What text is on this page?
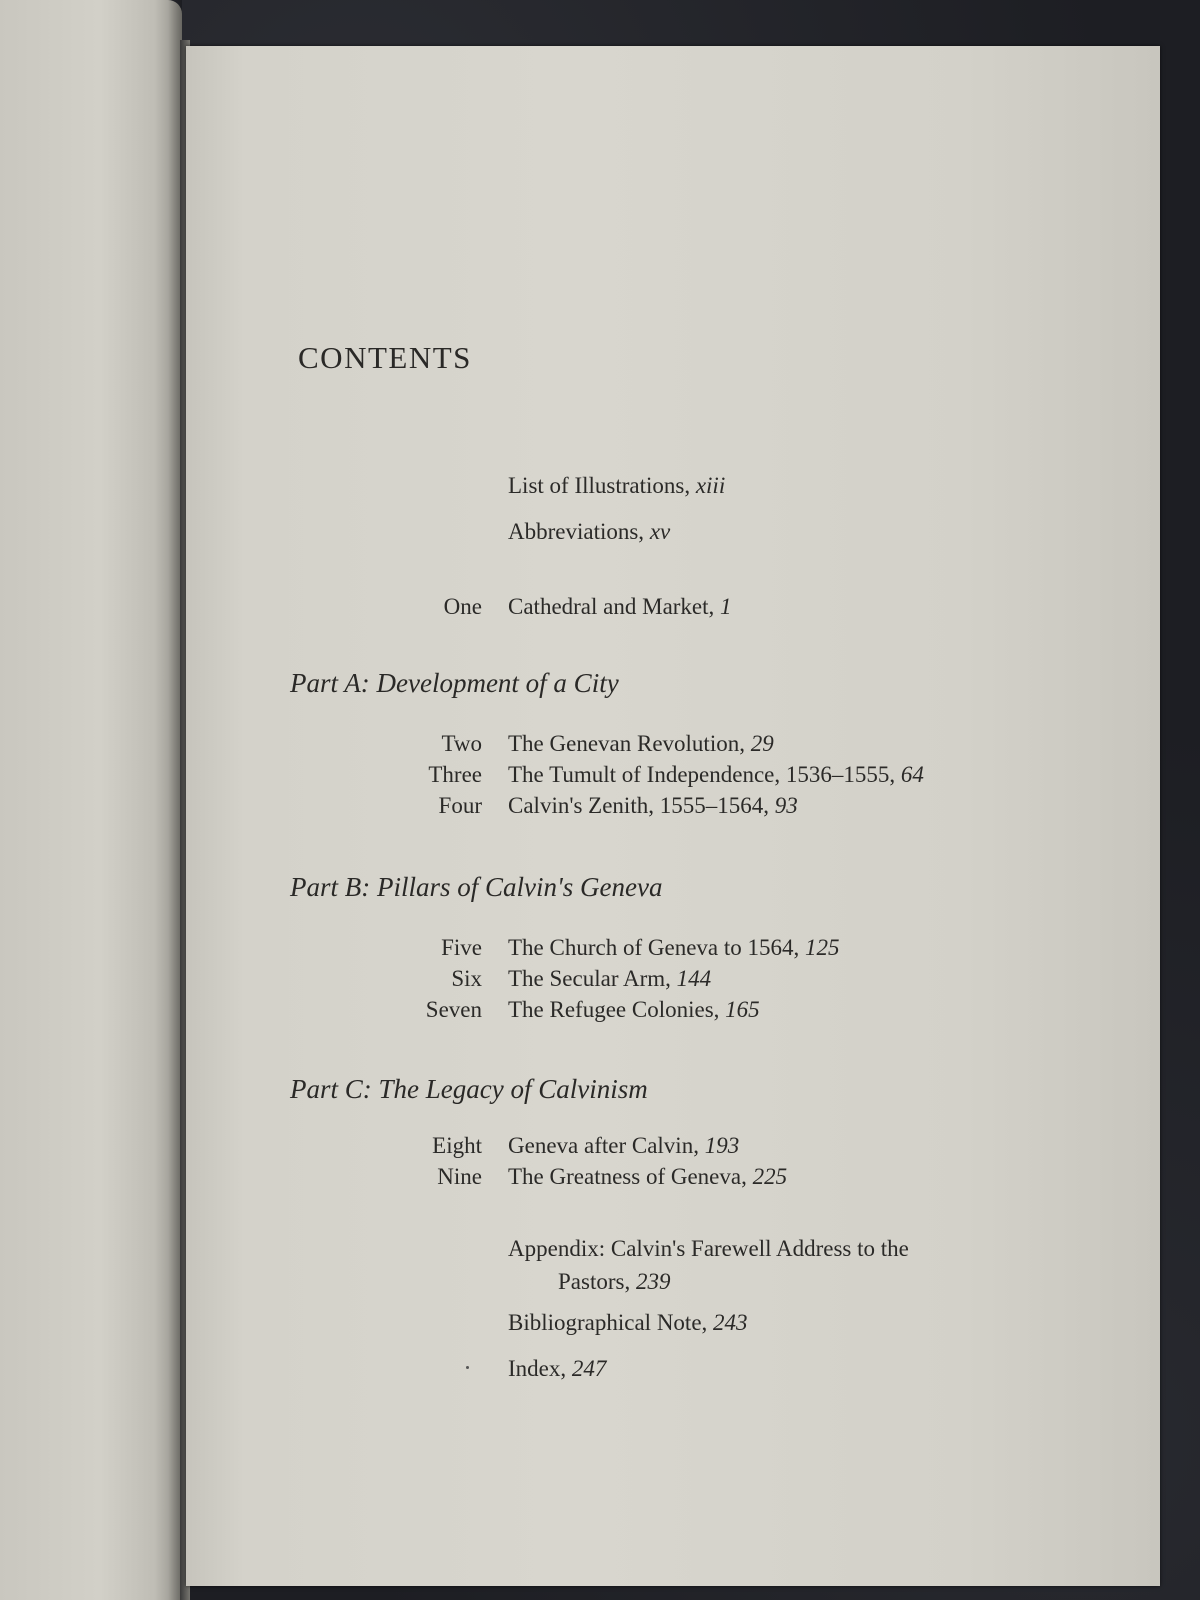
CONTENTS
List of Illustrations, xiii
Abbreviations, xv
One Cathedral and Market, 1
Part A: Development of a City
Two The Genevan Revolution, 29
Three The Tumult of Independence, 1536–1555, 64
Four Calvin's Zenith, 1555–1564, 93
Part B: Pillars of Calvin's Geneva
Five The Church of Geneva to 1564, 125
Six The Secular Arm, 144
Seven The Refugee Colonies, 165
Part C: The Legacy of Calvinism
Eight Geneva after Calvin, 193
Nine The Greatness of Geneva, 225
Appendix: Calvin's Farewell Address to the
Pastors, 239
Bibliographical Note, 243
Index, 247
